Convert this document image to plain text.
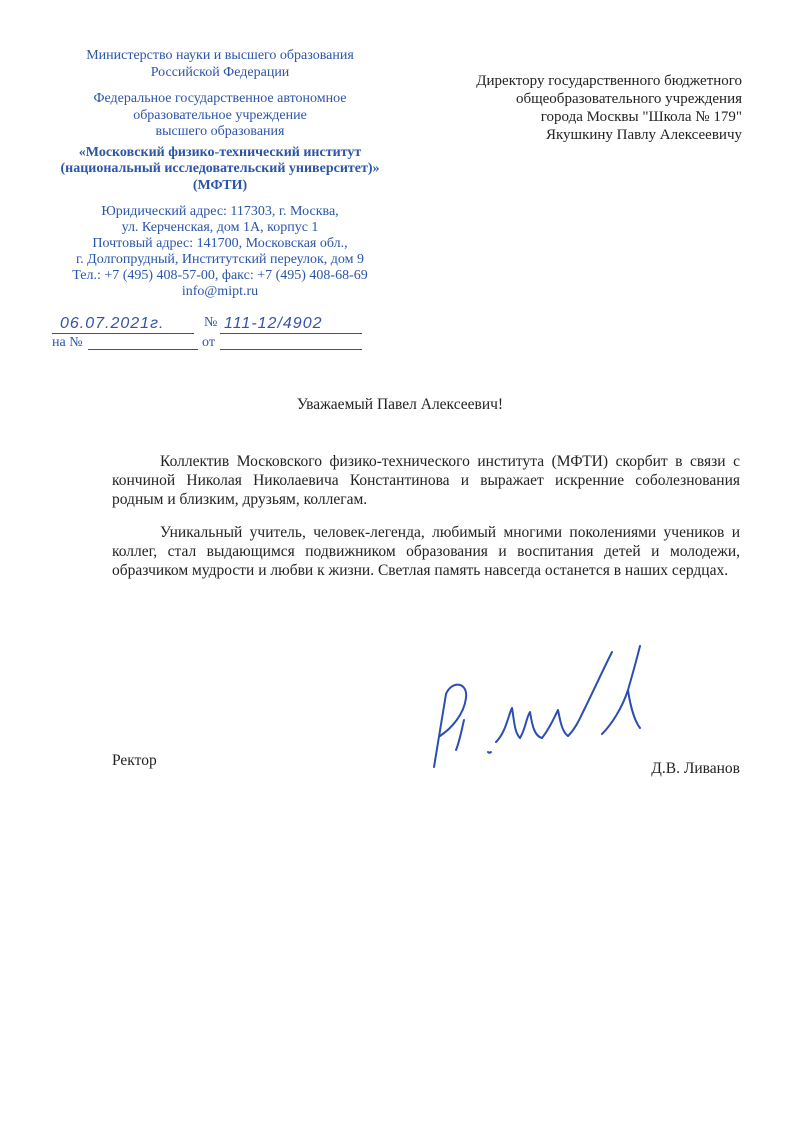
Министерство науки и высшего образования
Российской Федерации
Федеральное государственное автономное
образовательное учреждение
высшего образования
«Московский физико-технический институт
(национальный исследовательский университет)»
(МФТИ)
Юридический адрес: 117303, г. Москва,
ул. Керченская, дом 1А, корпус 1
Почтовый адрес: 141700, Московская обл.,
г. Долгопрудный, Институтский переулок, дом 9
Тел.: +7 (495) 408-57-00, факс: +7 (495) 408-68-69
info@mipt.ru
06.07.2021г.	№ 111-12/4902
на №	от
Директору государственного бюджетного
общеобразовательного учреждения
города Москвы "Школа № 179"
Якушкину Павлу Алексеевичу
Уважаемый Павел Алексеевич!

Коллектив Московского физико-технического института (МФТИ) скорбит в связи с кончиной Николая Николаевича Константинова и выражает искренние соболезнования родным и близким, друзьям, коллегам.

Уникальный учитель, человек-легенда, любимый многими поколениями учеников и коллег, стал выдающимся подвижником образования и воспитания детей и молодежи, образчиком мудрости и любви к жизни. Светлая память навсегда останется в наших сердцах.

Ректор	Д.В. Ливанов
